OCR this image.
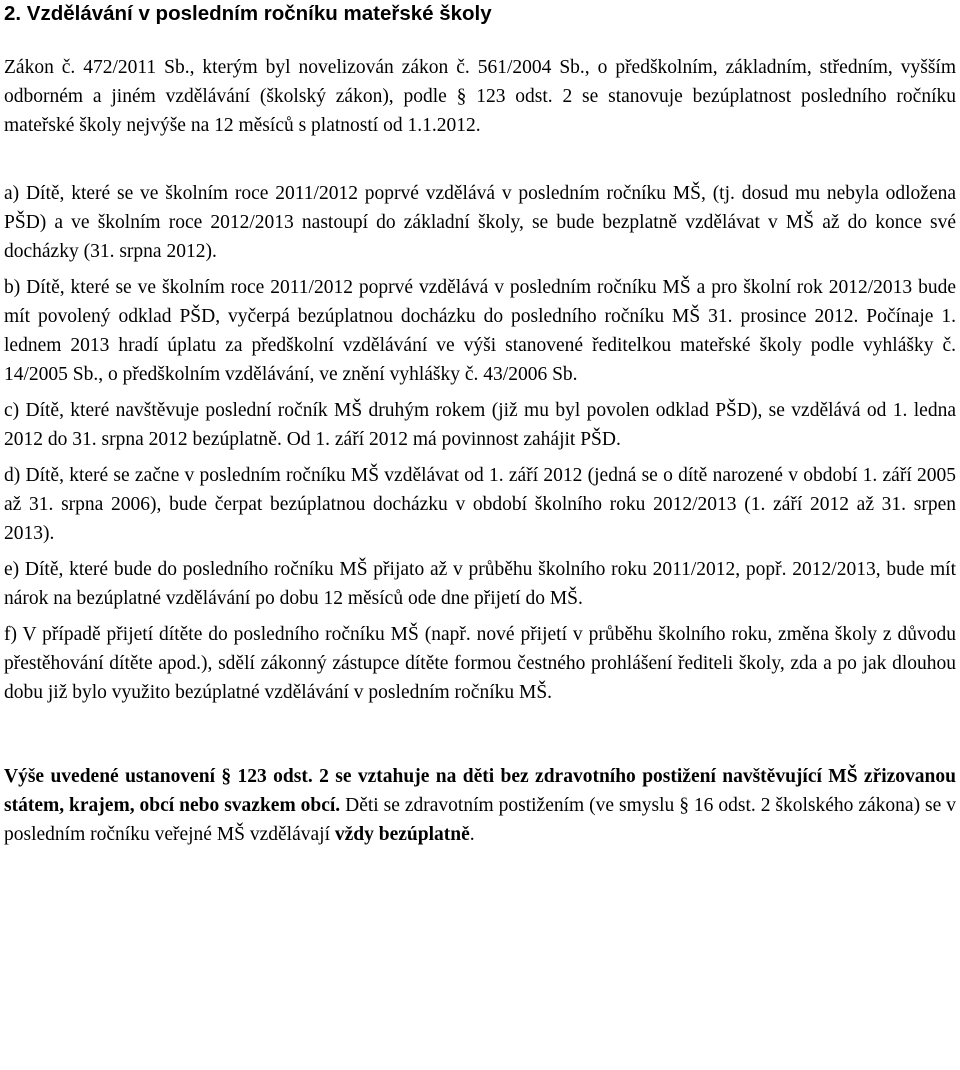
2. Vzdělávání v posledním ročníku mateřské školy

Zákon č. 472/2011 Sb., kterým byl novelizován zákon č. 561/2004 Sb., o předškolním, základním, středním, vyšším odborném a jiném vzdělávání (školský zákon), podle § 123 odst. 2 se stanovuje bezúplatnost posledního ročníku mateřské školy nejvýše na 12 měsíců s platností od 1.1.2012.

a) Dítě, které se ve školním roce 2011/2012 poprvé vzdělává v posledním ročníku MŠ, (tj. dosud mu nebyla odložena PŠD) a ve školním roce 2012/2013 nastoupí do základní školy, se bude bezplatně vzdělávat v MŠ až do konce své docházky (31. srpna 2012).

b) Dítě, které se ve školním roce 2011/2012 poprvé vzdělává v posledním ročníku MŠ a pro školní rok 2012/2013 bude mít povolený odklad PŠD, vyčerpá bezúplatnou docházku do posledního ročníku MŠ 31. prosince 2012. Počínaje 1. lednem 2013 hradí úplatu za předškolní vzdělávání ve výši stanovené ředitelkou mateřské školy podle vyhlášky č. 14/2005 Sb., o předškolním vzdělávání, ve znění vyhlášky č. 43/2006 Sb.

c) Dítě, které navštěvuje poslední ročník MŠ druhým rokem (již mu byl povolen odklad PŠD), se vzdělává od 1. ledna 2012 do 31. srpna 2012 bezúplatně. Od 1. září 2012 má povinnost zahájit PŠD.

d) Dítě, které se začne v posledním ročníku MŠ vzdělávat od 1. září 2012 (jedná se o dítě narozené v období 1. září 2005 až 31. srpna 2006), bude čerpat bezúplatnou docházku v období školního roku 2012/2013 (1. září 2012 až 31. srpen 2013).

e) Dítě, které bude do posledního ročníku MŠ přijato až v průběhu školního roku 2011/2012, popř. 2012/2013, bude mít nárok na bezúplatné vzdělávání po dobu 12 měsíců ode dne přijetí do MŠ.

f) V případě přijetí dítěte do posledního ročníku MŠ (např. nové přijetí v průběhu školního roku, změna školy z důvodu přestěhování dítěte apod.), sdělí zákonný zástupce dítěte formou čestného prohlášení řediteli školy, zda a po jak dlouhou dobu již bylo využito bezúplatné vzdělávání v posledním ročníku MŠ.

Výše uvedené ustanovení § 123 odst. 2 se vztahuje na děti bez zdravotního postižení navštěvující MŠ zřizovanou státem, krajem, obcí nebo svazkem obcí. Děti se zdravotním postižením (ve smyslu § 16 odst. 2 školského zákona) se v posledním ročníku veřejné MŠ vzdělávají vždy bezúplatně.
